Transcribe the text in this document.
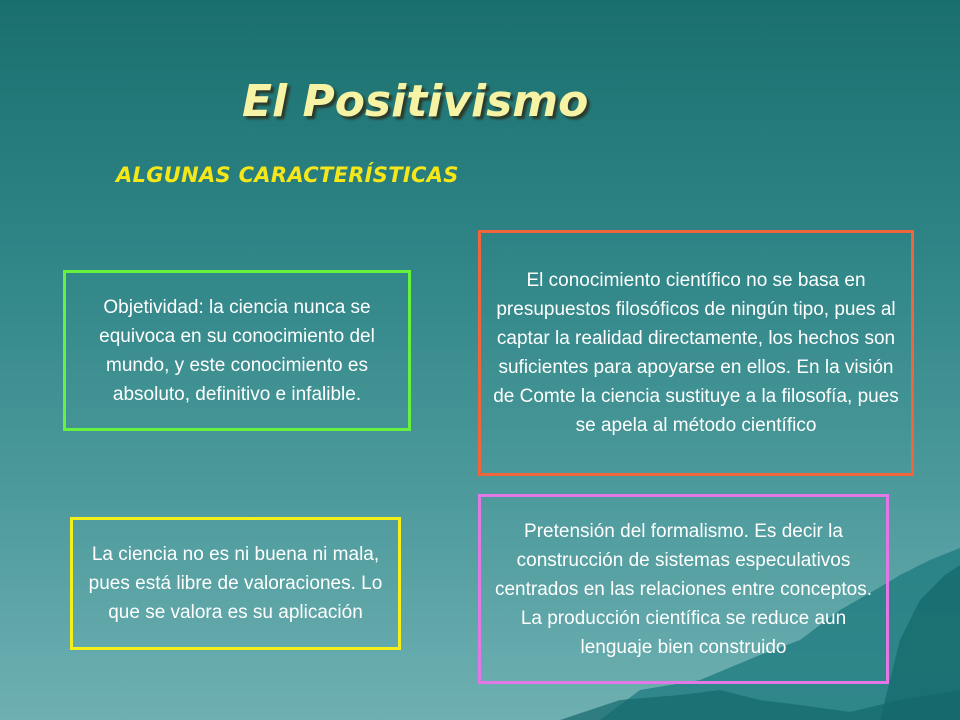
El Positivismo
ALGUNAS CARACTERÍSTICAS
Objetividad: la ciencia nunca se equivoca en su conocimiento del mundo, y este conocimiento es absoluto, definitivo e infalible.
El conocimiento científico no se basa en presupuestos filosóficos de ningún tipo, pues al captar la realidad directamente, los hechos son suficientes para apoyarse en ellos. En la visión de Comte la ciencia sustituye a la filosofía, pues se apela al método científico
La ciencia no es ni buena ni mala, pues está libre de valoraciones. Lo que se valora es su aplicación
Pretensión del formalismo. Es decir la construcción de sistemas especulativos centrados en las relaciones entre conceptos. La producción científica se reduce aun lenguaje bien construido
